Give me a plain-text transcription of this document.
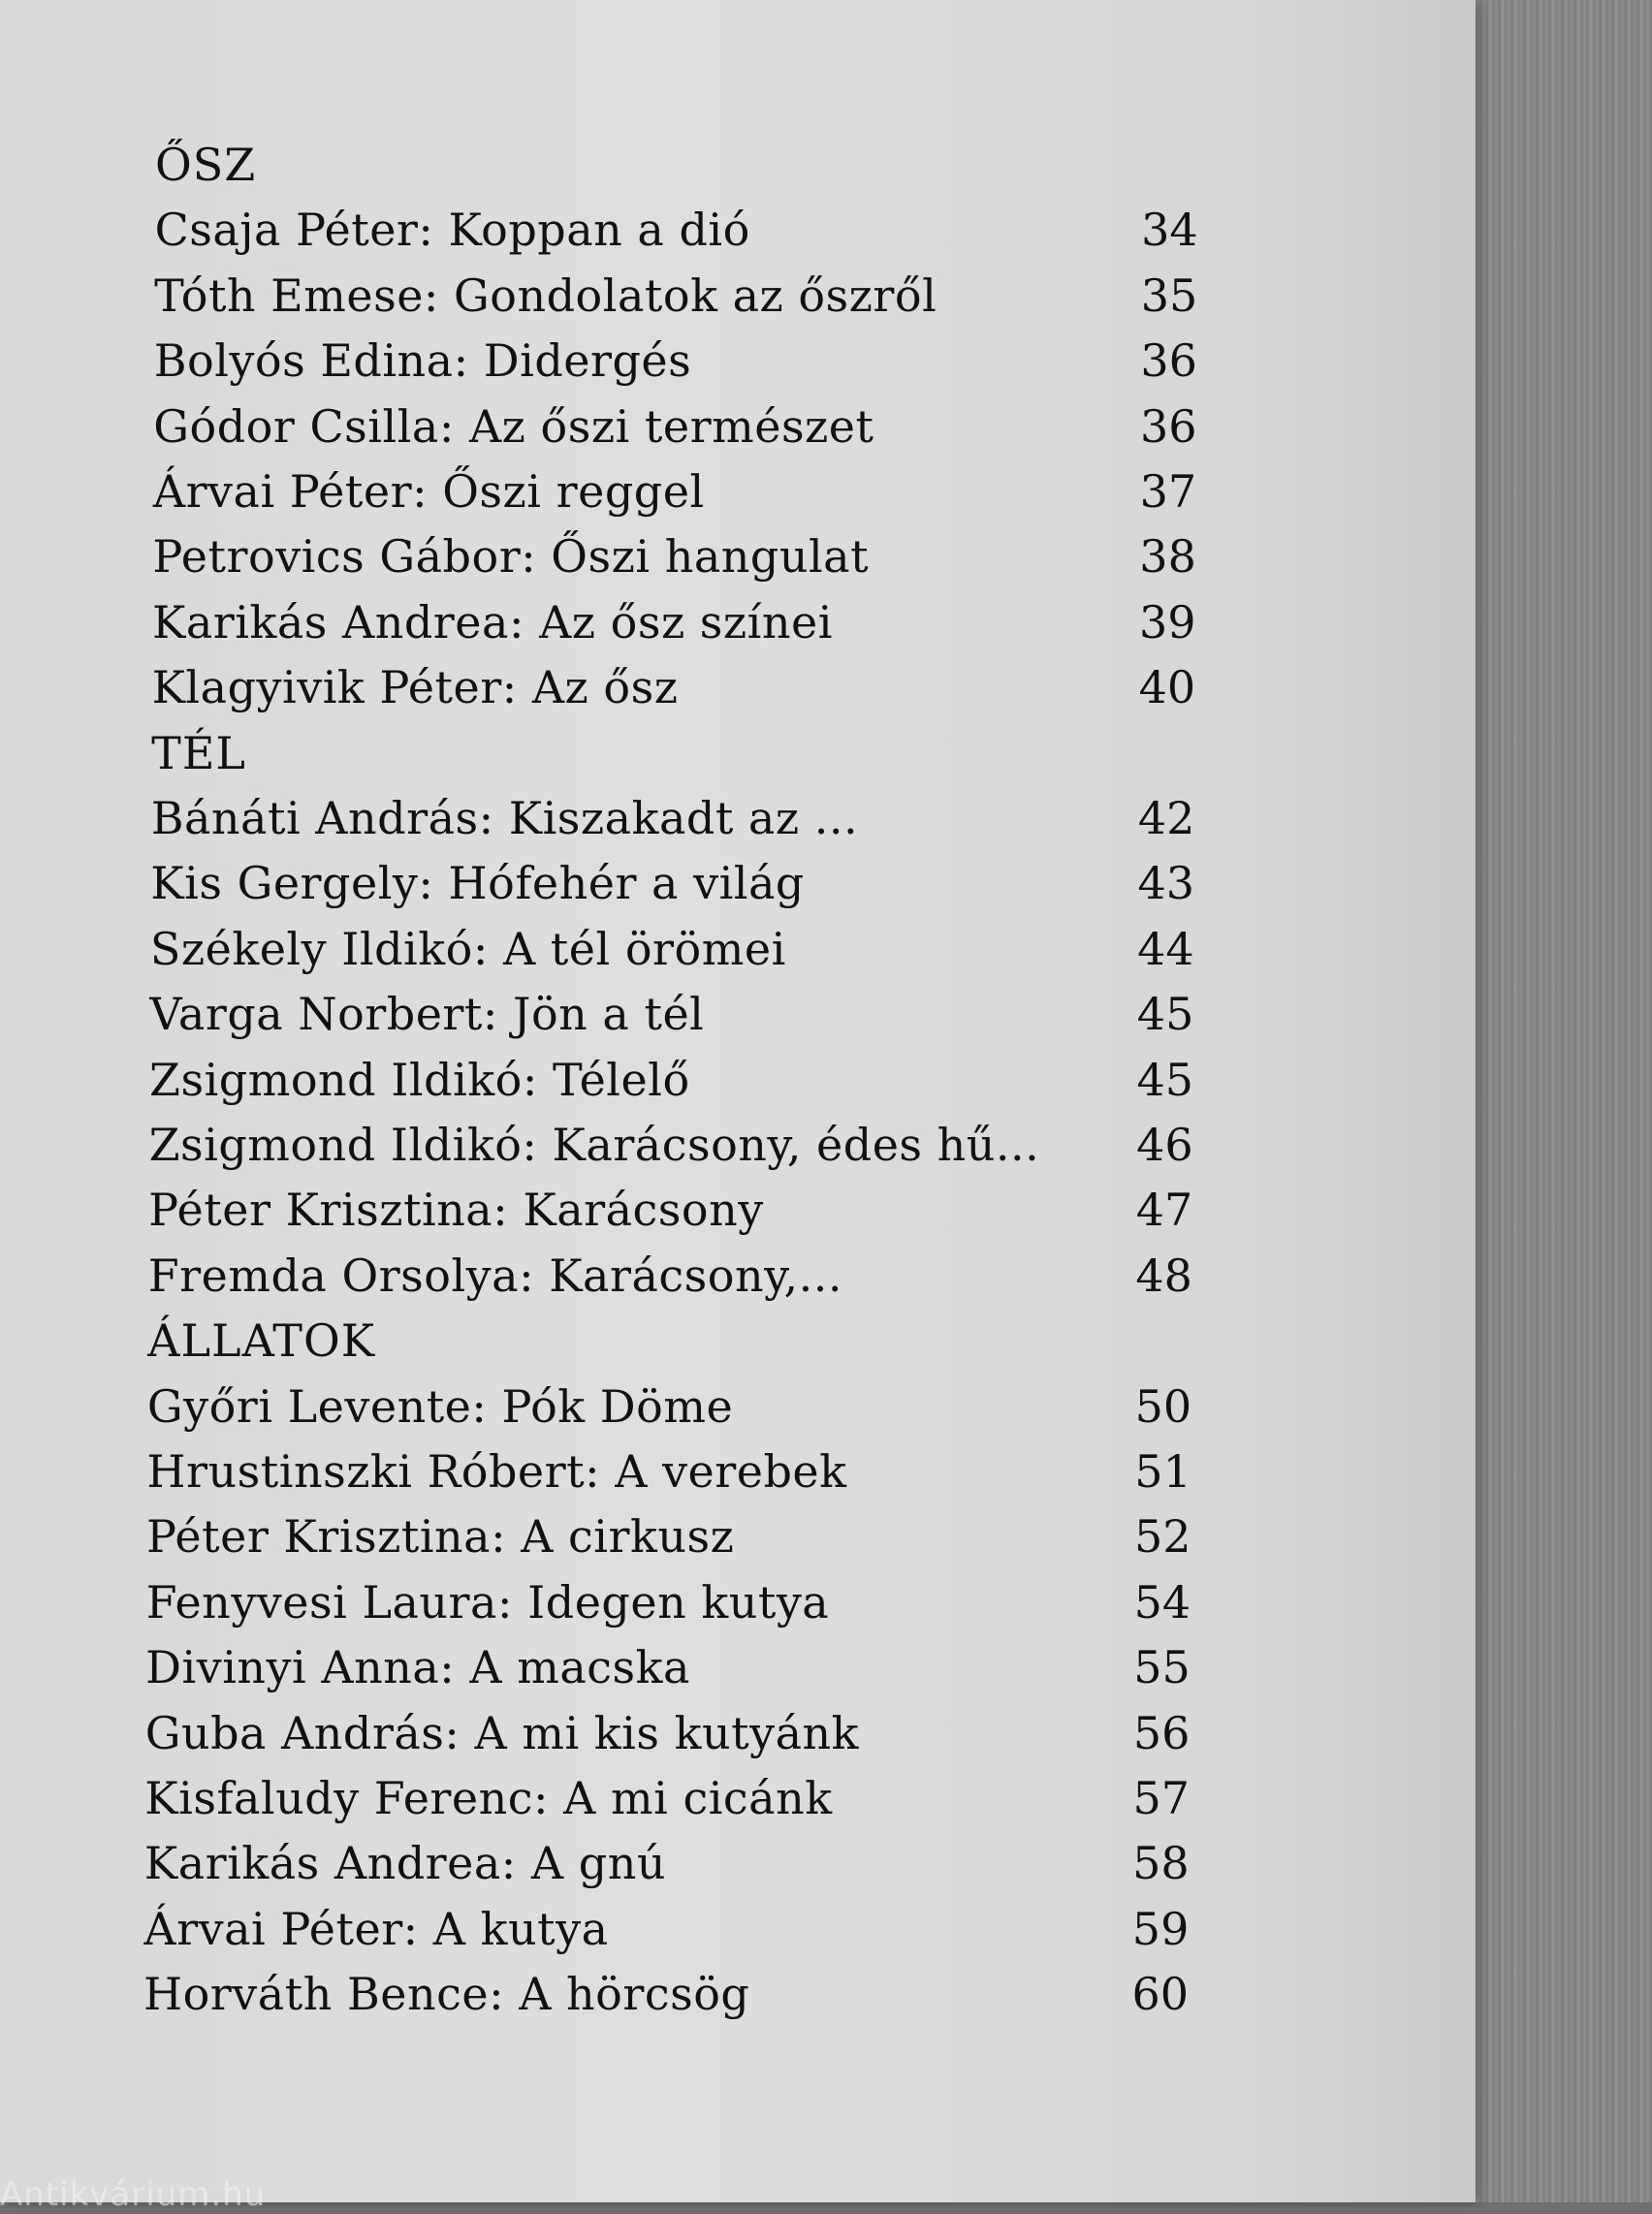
ŐSZ
Csaja Péter: Koppan a dió	34
Tóth Emese: Gondolatok az őszről	35
Bolyós Edina: Didergés	36
Gódor Csilla: Az őszi természet	36
Árvai Péter: Őszi reggel	37
Petrovics Gábor: Őszi hangulat	38
Karikás Andrea: Az ősz színei	39
Klagyivik Péter: Az ősz	40
TÉL
Bánáti András: Kiszakadt az ...	42
Kis Gergely: Hófehér a világ	43
Székely Ildikó: A tél örömei	44
Varga Norbert: Jön a tél	45
Zsigmond Ildikó: Télelő	45
Zsigmond Ildikó: Karácsony, édes hű... 46
Péter Krisztina: Karácsony	47
Fremda Orsolya: Karácsony,...	48
ÁLLATOK
Győri Levente: Pók Döme	50
Hrustinszki Róbert: A verebek	51
Péter Krisztina: A cirkusz	52
Fenyvesi Laura: Idegen kutya	54
Divinyi Anna: A macska	55
Guba András: A mi kis kutyánk	56
Kisfaludy Ferenc: A mi cicánk	57
Karikás Andrea: A gnú	58
Árvai Péter: A kutya	59
Horváth Bence: A hörcsög	60
Antikvárium.hu
